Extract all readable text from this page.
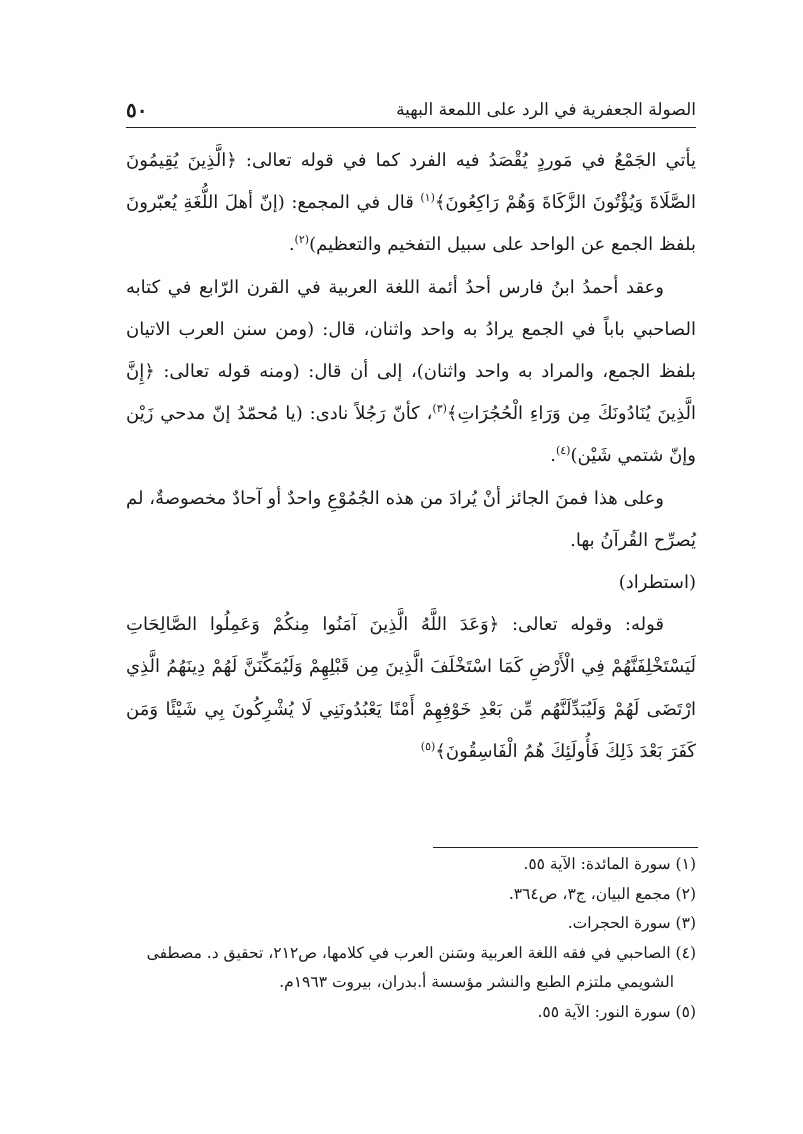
الصولة الجعفرية في الرد على اللمعة البهية
٥٠

يأتي الجَمْعُ في مَوردٍ يُقْصَدُ فيه الفرد كما في قوله تعالى: ﴿الَّذِينَ يُقِيمُونَ الصَّلَاةَ وَيُؤْتُونَ الزَّكَاةَ وَهُمْ رَاكِعُونَ﴾$^{(١)}$ قال في المجمع: (إنّ أهلَ اللُّغَةِ يُعبّرونَ بلفظ الجمع عن الواحد على سبيل التفخيم والتعظيم)$^{(٢)}$.

وعقد أحمدُ ابنُ فارس أحدُ أئمة اللغة العربية في القرن الرّابع في كتابه الصاحبي باباً في الجمع يرادُ به واحد واثنان، قال: (ومن سنن العرب الاتيان بلفظ الجمع، والمراد به واحد واثنان)، إلى أن قال: (ومنه قوله تعالى: ﴿إِنَّ الَّذِينَ يُنَادُونَكَ مِن وَرَاءِ الْحُجُرَاتِ﴾$^{(٣)}$، كأنّ رَجُلاً نادى: (يا مُحمّدُ إنّ مدحي زَيْن وإنّ شتمي شَيْن)$^{(٤)}$.

وعلى هذا فمنَ الجائز أنْ يُرادَ من هذه الجُمُوْعِ واحدٌ أو آحادٌ مخصوصةٌ، لم يُصرِّح القُرآنُ بها.

(استطراد)

قوله: وقوله تعالى: ﴿وَعَدَ اللَّهُ الَّذِينَ آمَنُوا مِنكُمْ وَعَمِلُوا الصَّالِحَاتِ لَيَسْتَخْلِفَنَّهُمْ فِي الْأَرْضِ كَمَا اسْتَخْلَفَ الَّذِينَ مِن قَبْلِهِمْ وَلَيُمَكِّنَنَّ لَهُمْ دِينَهُمُ الَّذِي ارْتَضَى لَهُمْ وَلَيُبَدِّلَنَّهُم مِّن بَعْدِ خَوْفِهِمْ أَمْنًا يَعْبُدُونَنِي لَا يُشْرِكُونَ بِي شَيْئًا وَمَن كَفَرَ بَعْدَ ذَلِكَ فَأُولَئِكَ هُمُ الْفَاسِقُونَ﴾$^{(٥)}$

(١) سورة المائدة: الآية ٥٥.

(٢) مجمع البيان، ج٣، ص٣٦٤.

(٣) سورة الحجرات.

(٤) الصاحبي في فقه اللغة العربية وسَنن العرب في كلامها، ص٢١٢، تحقيق د. مصطفى

الشويمي ملتزم الطبع والنشر مؤسسة أ.بدران، بيروت ١٩٦٣م.

(٥) سورة النور: الآية ٥٥.
